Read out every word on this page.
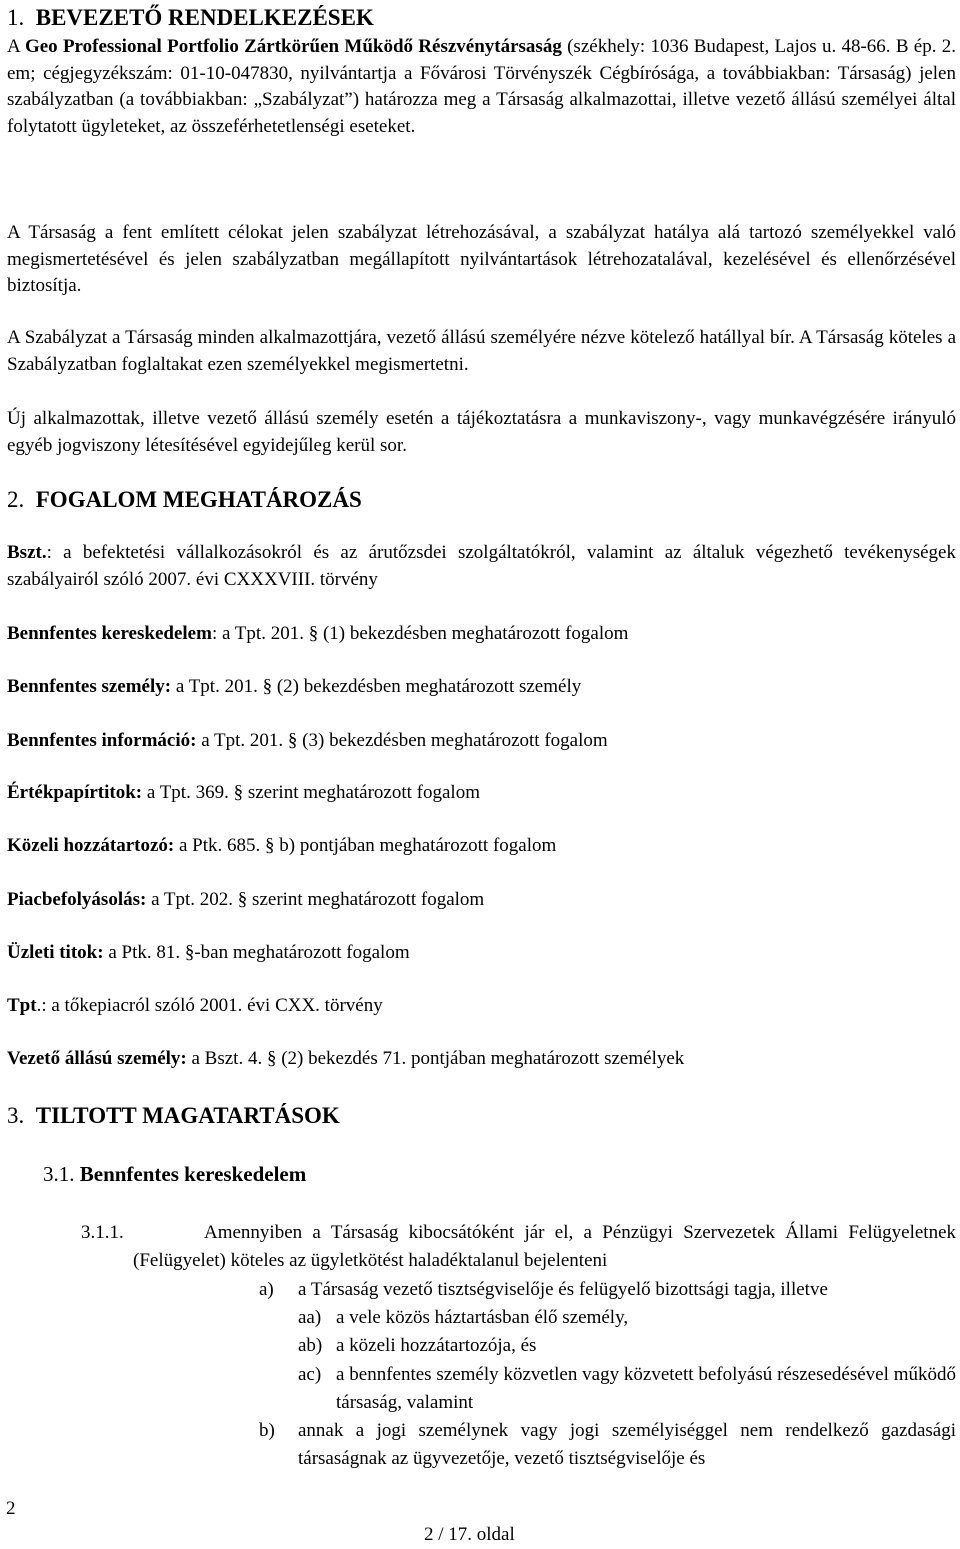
1. BEVEZETŐ RENDELKEZÉSEK
A Geo Professional Portfolio Zártkörűen Működő Részvénytársaság (székhely: 1036 Budapest, Lajos u. 48-66. B ép. 2. em; cégjegyzékszám: 01-10-047830, nyilvántartja a Fővárosi Törvényszék Cégbírósága, a továbbiakban: Társaság) jelen szabályzatban (a továbbiakban: „Szabályzat”) határozza meg a Társaság alkalmazottai, illetve vezető állású személyei által folytatott ügyleteket, az összeférhetetlenségi eseteket.
A Társaság a fent említett célokat jelen szabályzat létrehozásával, a szabályzat hatálya alá tartozó személyekkel való megismertetésével és jelen szabályzatban megállapított nyilvántartások létrehozatalával, kezelésével és ellenőrzésével biztosítja.
A Szabályzat a Társaság minden alkalmazottjára, vezető állású személyére nézve kötelező hatállyal bír. A Társaság köteles a Szabályzatban foglaltakat ezen személyekkel megismertetni.
Új alkalmazottak, illetve vezető állású személy esetén a tájékoztatásra a munkaviszony-, vagy munkavégzésére irányuló egyéb jogviszony létesítésével egyidejűleg kerül sor.
2. FOGALOM MEGHATÁROZÁS
Bszt.: a befektetési vállalkozásokról és az árutőzsdei szolgáltatókról, valamint az általuk végezhető tevékenységek szabályairól szóló 2007. évi CXXXVIII. törvény
Bennfentes kereskedelem: a Tpt. 201. § (1) bekezdésben meghatározott fogalom
Bennfentes személy: a Tpt. 201. § (2) bekezdésben meghatározott személy
Bennfentes információ: a Tpt. 201. § (3) bekezdésben meghatározott fogalom
Értékpapírtitok: a Tpt. 369. § szerint meghatározott fogalom
Közeli hozzátartozó: a Ptk. 685. § b) pontjában meghatározott fogalom
Piacbefolyásolás: a Tpt. 202. § szerint meghatározott fogalom
Üzleti titok: a Ptk. 81. §-ban meghatározott fogalom
Tpt.: a tőkepiacról szóló 2001. évi CXX. törvény
Vezető állású személy: a Bszt. 4. § (2) bekezdés 71. pontjában meghatározott személyek
3. TILTOTT MAGATARTÁSOK
3.1. Bennfentes kereskedelem
3.1.1.	Amennyiben a Társaság kibocsátóként jár el, a Pénzügyi Szervezetek Állami Felügyeletnek (Felügyelet) köteles az ügyletkötést haladéktalanul bejelenteni
a) a Társaság vezető tisztségviselője és felügyelő bizottsági tagja, illetve
aa) a vele közös háztartásban élő személy,
ab) a közeli hozzátartozója, és
ac) a bennfentes személy közvetlen vagy közvetett befolyású részesedésével működő társaság, valamint
b) annak a jogi személynek vagy jogi személyiséggel nem rendelkező gazdasági társaságnak az ügyvezetője, vezető tisztségviselője és
2
2 / 17. oldal
